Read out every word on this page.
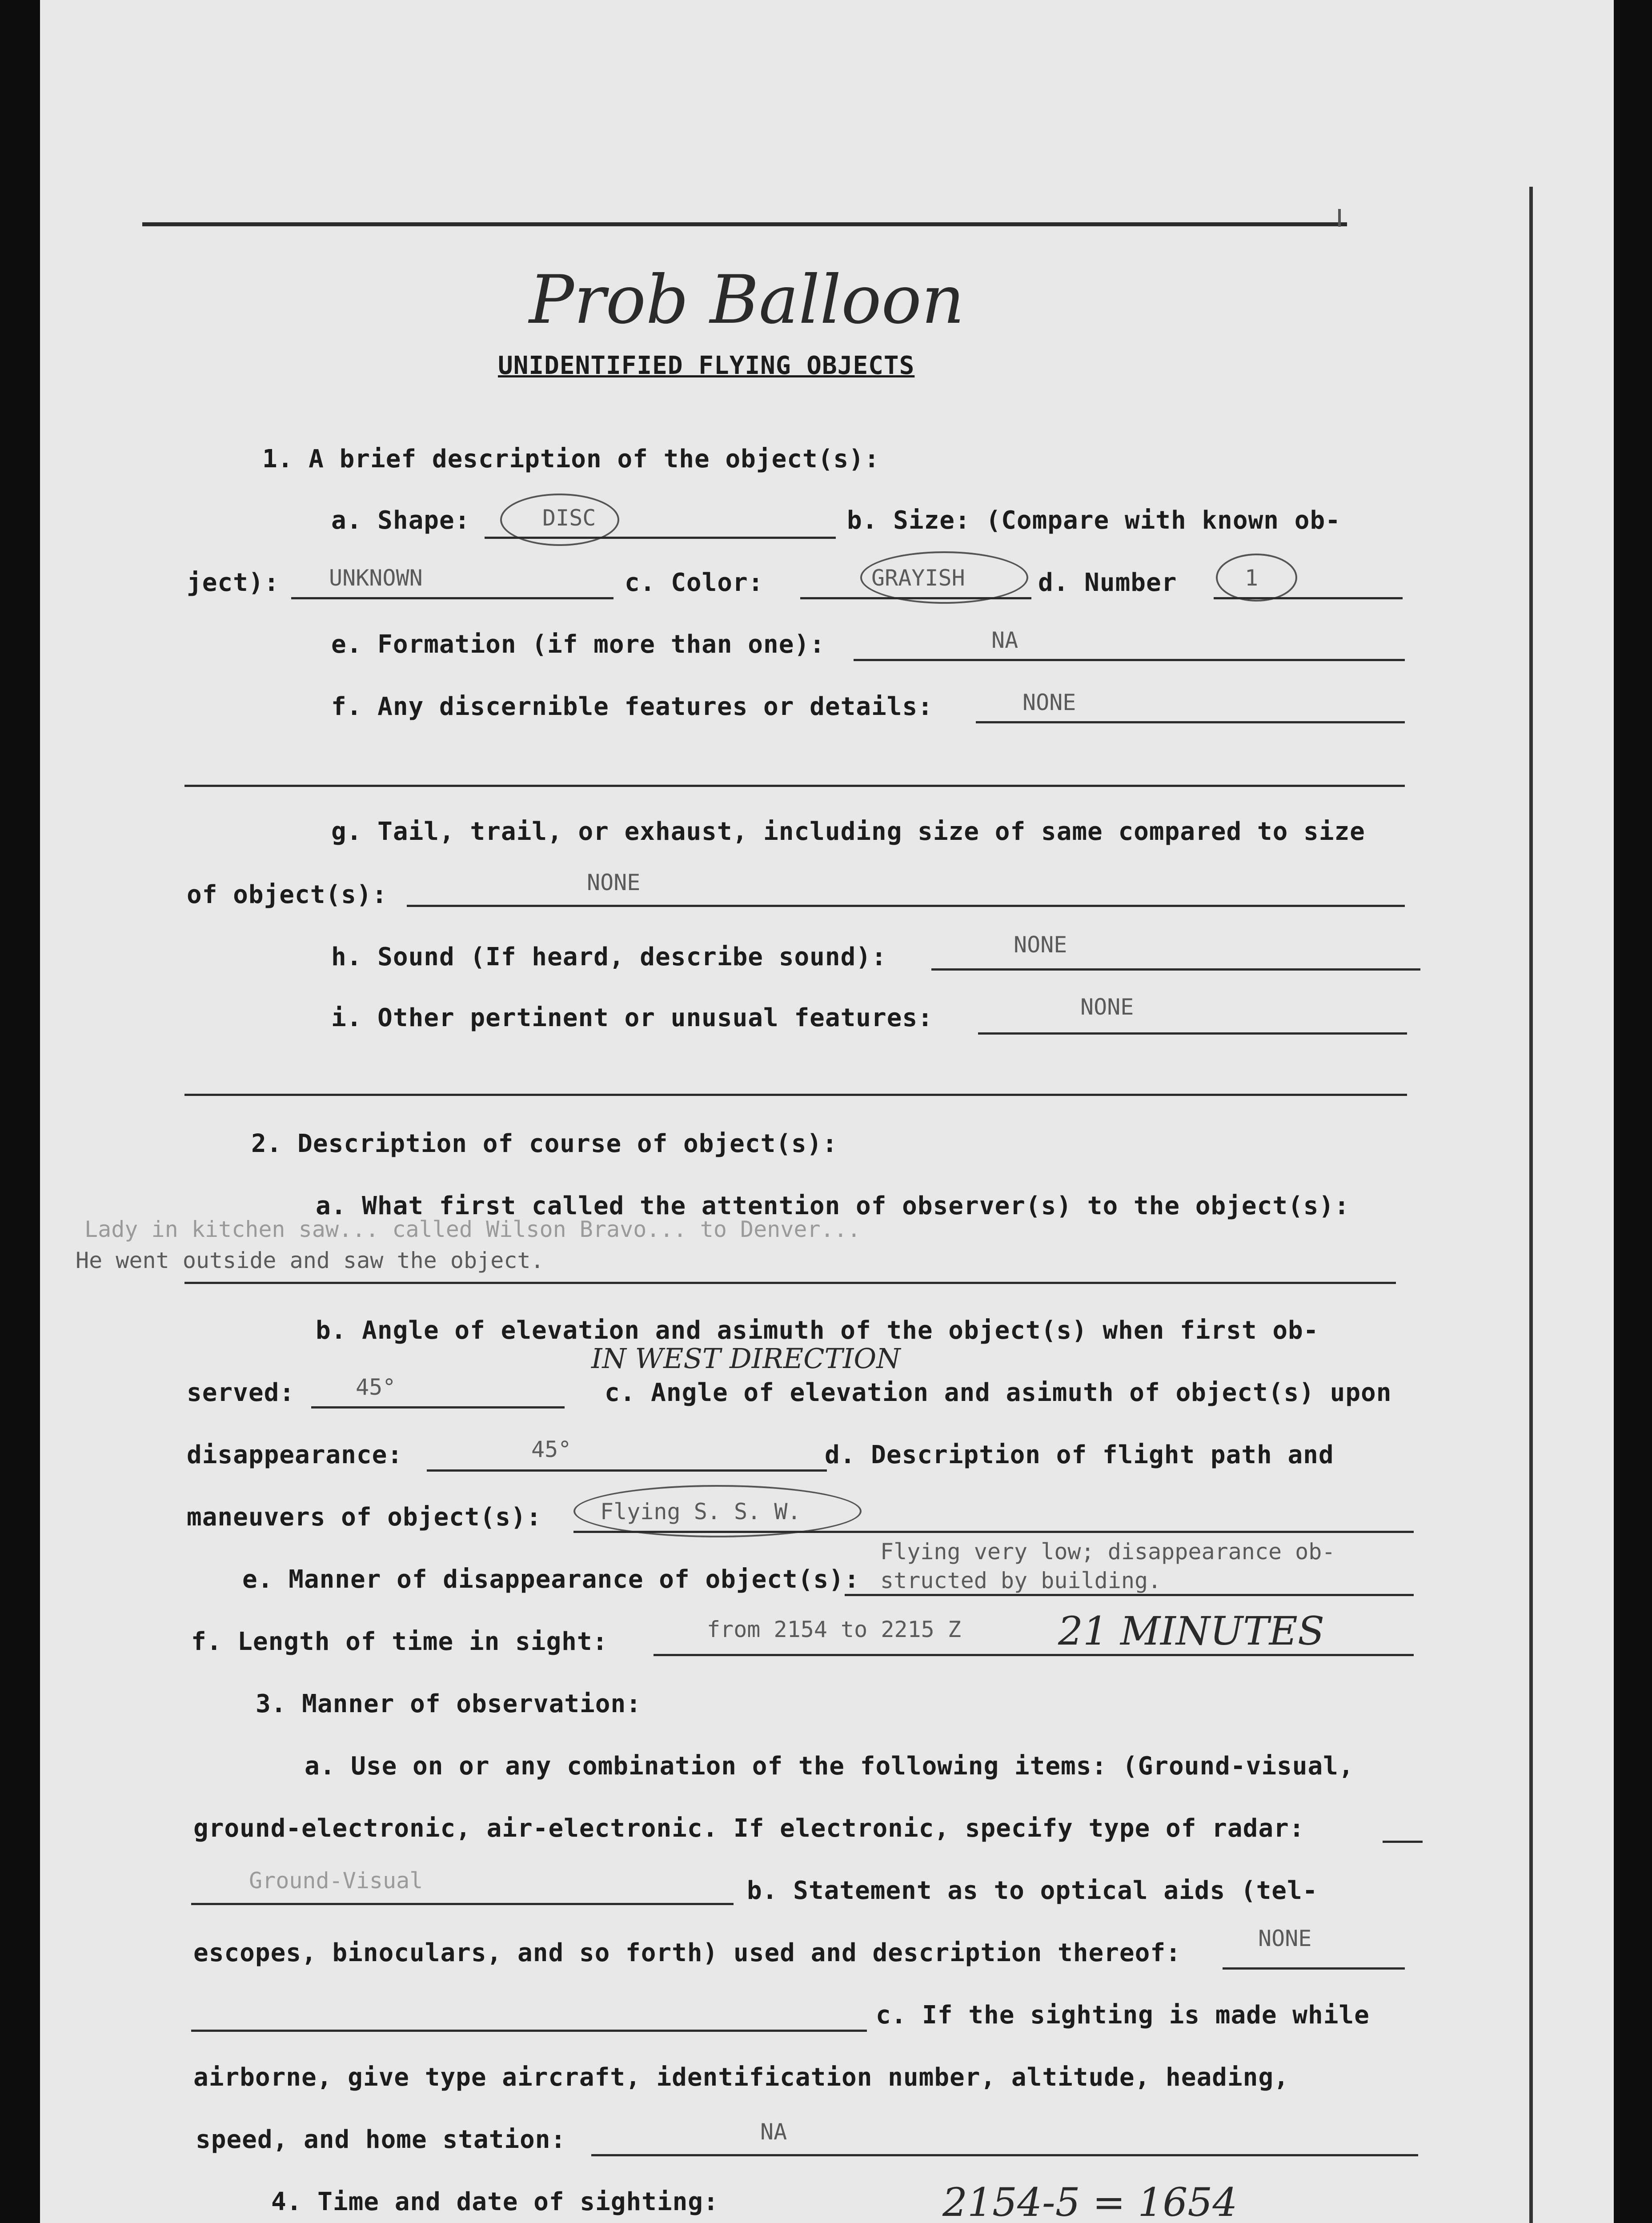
Prob Balloon
UNIDENTIFIED FLYING OBJECTS
1. A brief description of the object(s):
a. Shape:	DISC	b. Size: (Compare with known ob-
ject): UNKNOWN	c. Color:	GRAYISH	d. Number	1
e. Formation (if more than one):	NA
f. Any discernible features or details:	NONE
g. Tail, trail, or exhaust, including size of same compared to size
of object(s):	NONE
h. Sound (If heard, describe sound):	NONE
i. Other pertinent or unusual features:	NONE
2. Description of course of object(s):
a. What first called the attention of observer(s) to the object(s):
Lady in kitchen saw... called Wilson Bravo... to Denver...
He went outside and saw the object.
b. Angle of elevation and asimuth of the object(s) when first ob-
served:	45°
IN WEST DIRECTION
c. Angle of elevation and asimuth of object(s) upon
disappearance:	45°	d. Description of flight path and
maneuvers of object(s):	Flying S. S. W.
e. Manner of disappearance of object(s):
Flying very low; disappearance ob-
structed by building.
f. Length of time in sight:	from 2154 to 2215 Z 21 MINUTES
3. Manner of observation:
a. Use on or any combination of the following items: (Ground-visual,
ground-electronic, air-electronic. If electronic, specify type of radar:
Ground-Visual	b. Statement as to optical aids (tel-
escopes, binoculars, and so forth) used and description thereof:	NONE
c. If the sighting is made while
airborne, give type aircraft, identification number, altitude, heading,
speed, and home station:	NA
4. Time and date of sighting:	2154-5 = 1654
